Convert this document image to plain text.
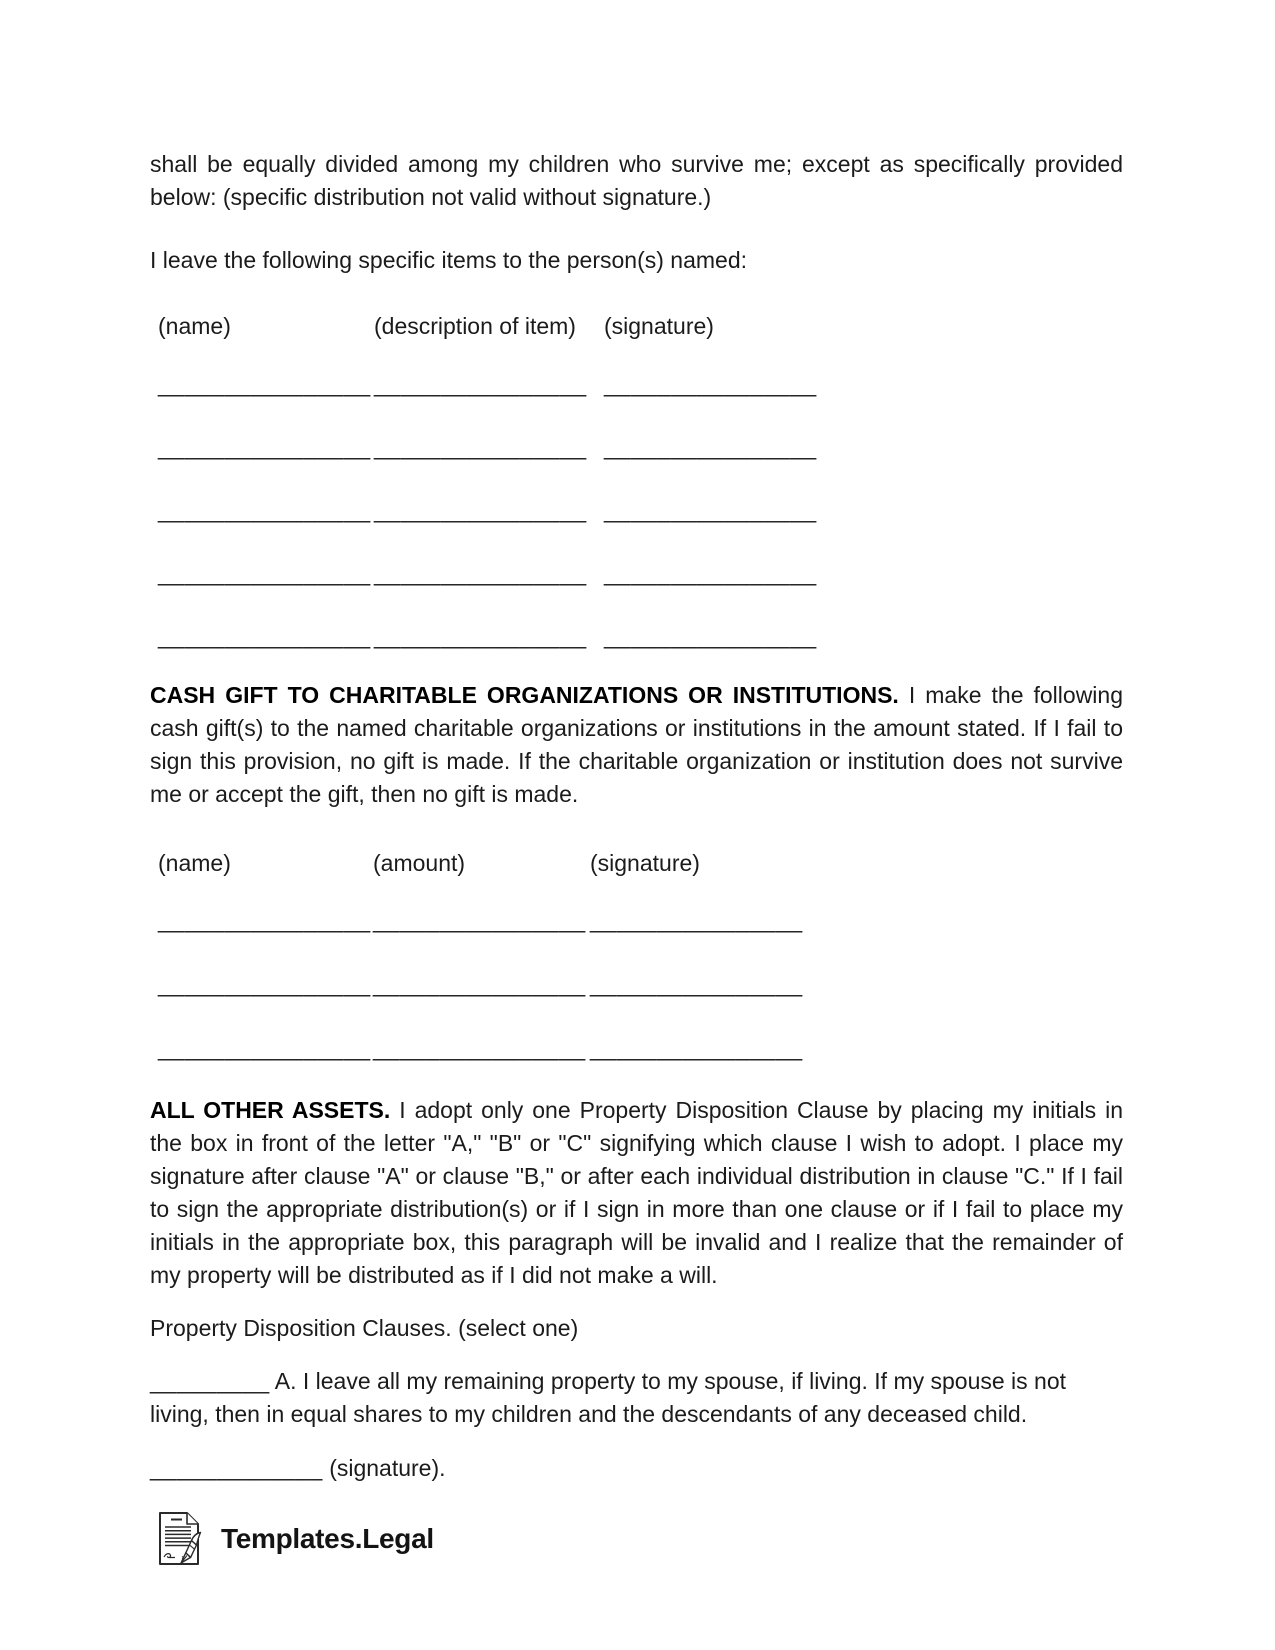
shall be equally divided among my children who survive me; except as specifically provided below: (specific distribution not valid without signature.)

I leave the following specific items to the person(s) named:

(name)	(description of item)	(signature)
________________ ________________ ________________
________________ ________________ ________________
________________ ________________ ________________
________________ ________________ ________________
________________ ________________ ________________

CASH GIFT TO CHARITABLE ORGANIZATIONS OR INSTITUTIONS. I make the following cash gift(s) to the named charitable organizations or institutions in the amount stated. If I fail to sign this provision, no gift is made. If the charitable organization or institution does not survive me or accept the gift, then no gift is made.

(name)	(amount)	(signature)
________________ ________________ ________________
________________ ________________ ________________
________________ ________________ ________________

ALL OTHER ASSETS. I adopt only one Property Disposition Clause by placing my initials in the box in front of the letter "A," "B" or "C" signifying which clause I wish to adopt. I place my signature after clause "A" or clause "B," or after each individual distribution in clause "C." If I fail to sign the appropriate distribution(s) or if I sign in more than one clause or if I fail to place my initials in the appropriate box, this paragraph will be invalid and I realize that the remainder of my property will be distributed as if I did not make a will.

Property Disposition Clauses. (select one)

_________ A. I leave all my remaining property to my spouse, if living. If my spouse is not living, then in equal shares to my children and the descendants of any deceased child.

_____________ (signature).

Templates.Legal
